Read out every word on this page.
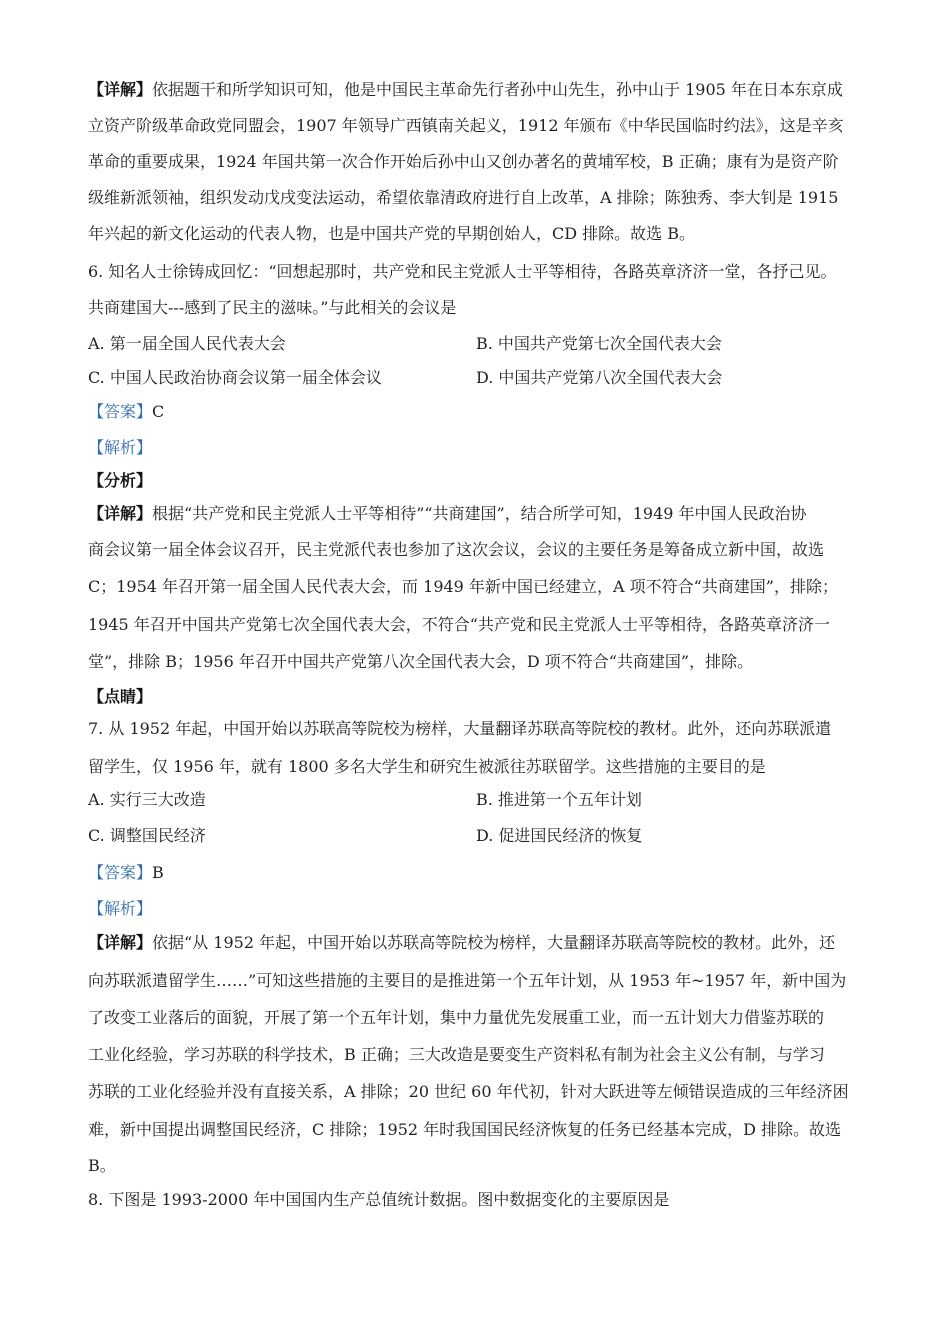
【详解】依据题干和所学知识可知，他是中国民主革命先行者孙中山先生，孙中山于 1905 年在日本东京成
立资产阶级革命政党同盟会，1907 年领导广西镇南关起义，1912 年颁布《中华民国临时约法》，这是辛亥
革命的重要成果，1924 年国共第一次合作开始后孙中山又创办著名的黄埔军校，B 正确；康有为是资产阶
级维新派领袖，组织发动戊戌变法运动，希望依靠清政府进行自上改革，A 排除；陈独秀、李大钊是 1915
年兴起的新文化运动的代表人物，也是中国共产党的早期创始人，CD 排除。故选 B。
6. 知名人士徐铸成回忆：“回想起那时，共产党和民主党派人士平等相待，各路英章济济一堂，各抒己见。
共商建国大---感到了民主的滋味。”与此相关的会议是
A. 第一届全国人民代表大会	B. 中国共产党第七次全国代表大会
C. 中国人民政治协商会议第一届全体会议	D. 中国共产党第八次全国代表大会
【答案】C
【解析】
【分析】
【详解】根据“共产党和民主党派人士平等相待”“共商建国”，结合所学可知，1949 年中国人民政治协
商会议第一届全体会议召开，民主党派代表也参加了这次会议，会议的主要任务是筹备成立新中国，故选
C；1954 年召开第一届全国人民代表大会，而 1949 年新中国已经建立，A 项不符合“共商建国”，排除；
1945 年召开中国共产党第七次全国代表大会，不符合“共产党和民主党派人士平等相待，各路英章济济一
堂”，排除 B；1956 年召开中国共产党第八次全国代表大会，D 项不符合“共商建国”，排除。
【点睛】
7. 从 1952 年起，中国开始以苏联高等院校为榜样，大量翻译苏联高等院校的教材。此外，还向苏联派遣
留学生，仅 1956 年，就有 1800 多名大学生和研究生被派往苏联留学。这些措施的主要目的是
A. 实行三大改造	B. 推进第一个五年计划
C. 调整国民经济	D. 促进国民经济的恢复
【答案】B
【解析】
【详解】依据“从 1952 年起，中国开始以苏联高等院校为榜样，大量翻译苏联高等院校的教材。此外，还
向苏联派遣留学生……”可知这些措施的主要目的是推进第一个五年计划，从 1953 年~1957 年，新中国为
了改变工业落后的面貌，开展了第一个五年计划，集中力量优先发展重工业，而一五计划大力借鉴苏联的
工业化经验，学习苏联的科学技术，B 正确；三大改造是要变生产资料私有制为社会主义公有制，与学习
苏联的工业化经验并没有直接关系，A 排除；20 世纪 60 年代初，针对大跃进等左倾错误造成的三年经济困
难，新中国提出调整国民经济，C 排除；1952 年时我国国民经济恢复的任务已经基本完成，D 排除。故选
B。
8. 下图是 1993-2000 年中国国内生产总值统计数据。图中数据变化的主要原因是
